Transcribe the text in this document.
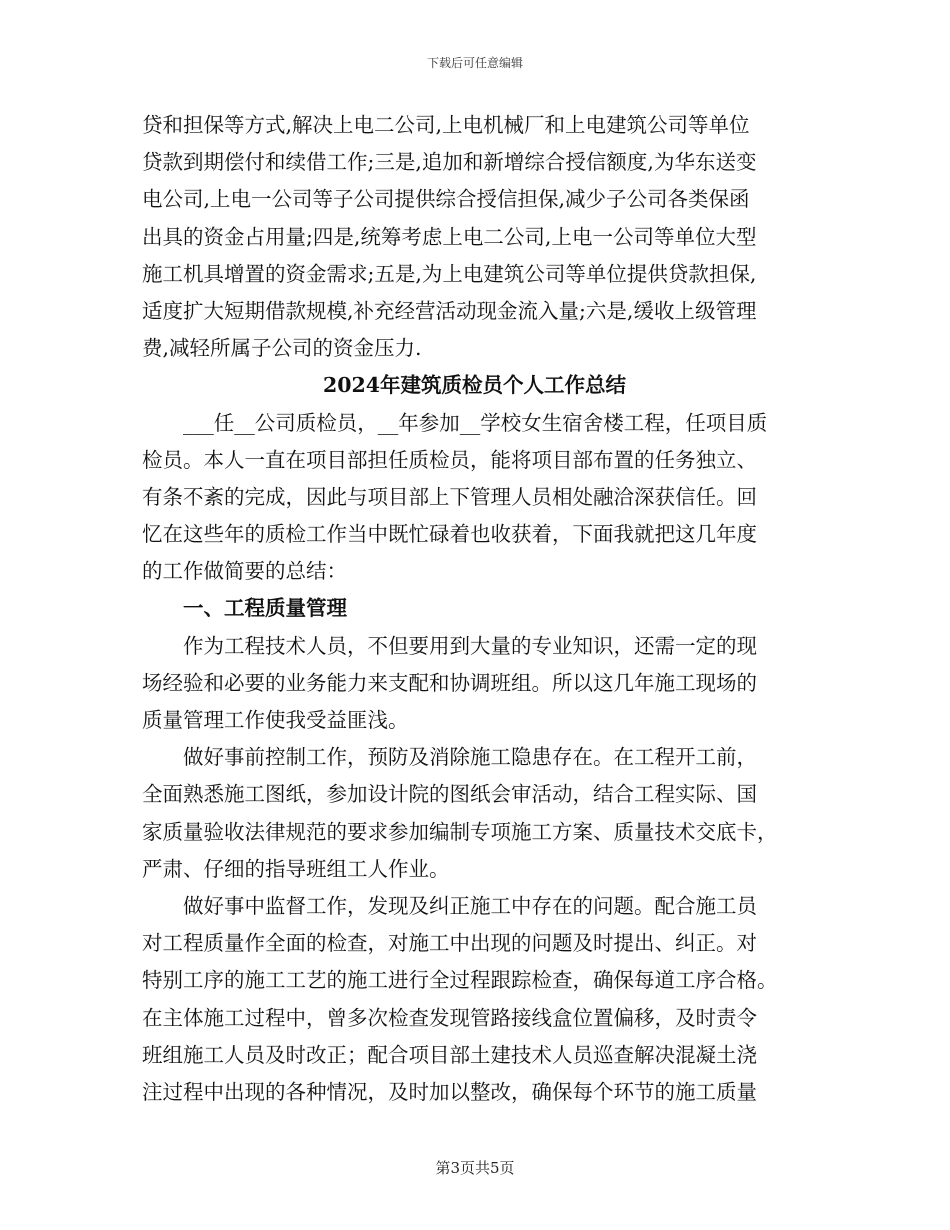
下载后可任意编辑
贷和担保等方式,解决上电二公司,上电机械厂和上电建筑公司等单位
贷款到期偿付和续借工作;三是,追加和新增综合授信额度,为华东送变
电公司,上电一公司等子公司提供综合授信担保,减少子公司各类保函
出具的资金占用量;四是,统筹考虑上电二公司,上电一公司等单位大型
施工机具增置的资金需求;五是,为上电建筑公司等单位提供贷款担保,
适度扩大短期借款规模,补充经营活动现金流入量;六是,缓收上级管理
费,减轻所属子公司的资金压力.
2024年建筑质检员个人工作总结
___任__公司质检员，__年参加__学校女生宿舍楼工程，任项目质
检员。本人一直在项目部担任质检员，能将项目部布置的任务独立、
有条不紊的完成，因此与项目部上下管理人员相处融洽深获信任。回
忆在这些年的质检工作当中既忙碌着也收获着，下面我就把这几年度
的工作做简要的总结：
一、工程质量管理
作为工程技术人员，不但要用到大量的专业知识，还需一定的现
场经验和必要的业务能力来支配和协调班组。所以这几年施工现场的
质量管理工作使我受益匪浅。
做好事前控制工作，预防及消除施工隐患存在。在工程开工前，
全面熟悉施工图纸，参加设计院的图纸会审活动，结合工程实际、国
家质量验收法律规范的要求参加编制专项施工方案、质量技术交底卡，
严肃、仔细的指导班组工人作业。
做好事中监督工作，发现及纠正施工中存在的问题。配合施工员
对工程质量作全面的检查，对施工中出现的问题及时提出、纠正。对
特别工序的施工工艺的施工进行全过程跟踪检查，确保每道工序合格。
在主体施工过程中，曾多次检查发现管路接线盒位置偏移，及时责令
班组施工人员及时改正；配合项目部土建技术人员巡查解决混凝土浇
注过程中出现的各种情况，及时加以整改，确保每个环节的施工质量
第3页共5页
